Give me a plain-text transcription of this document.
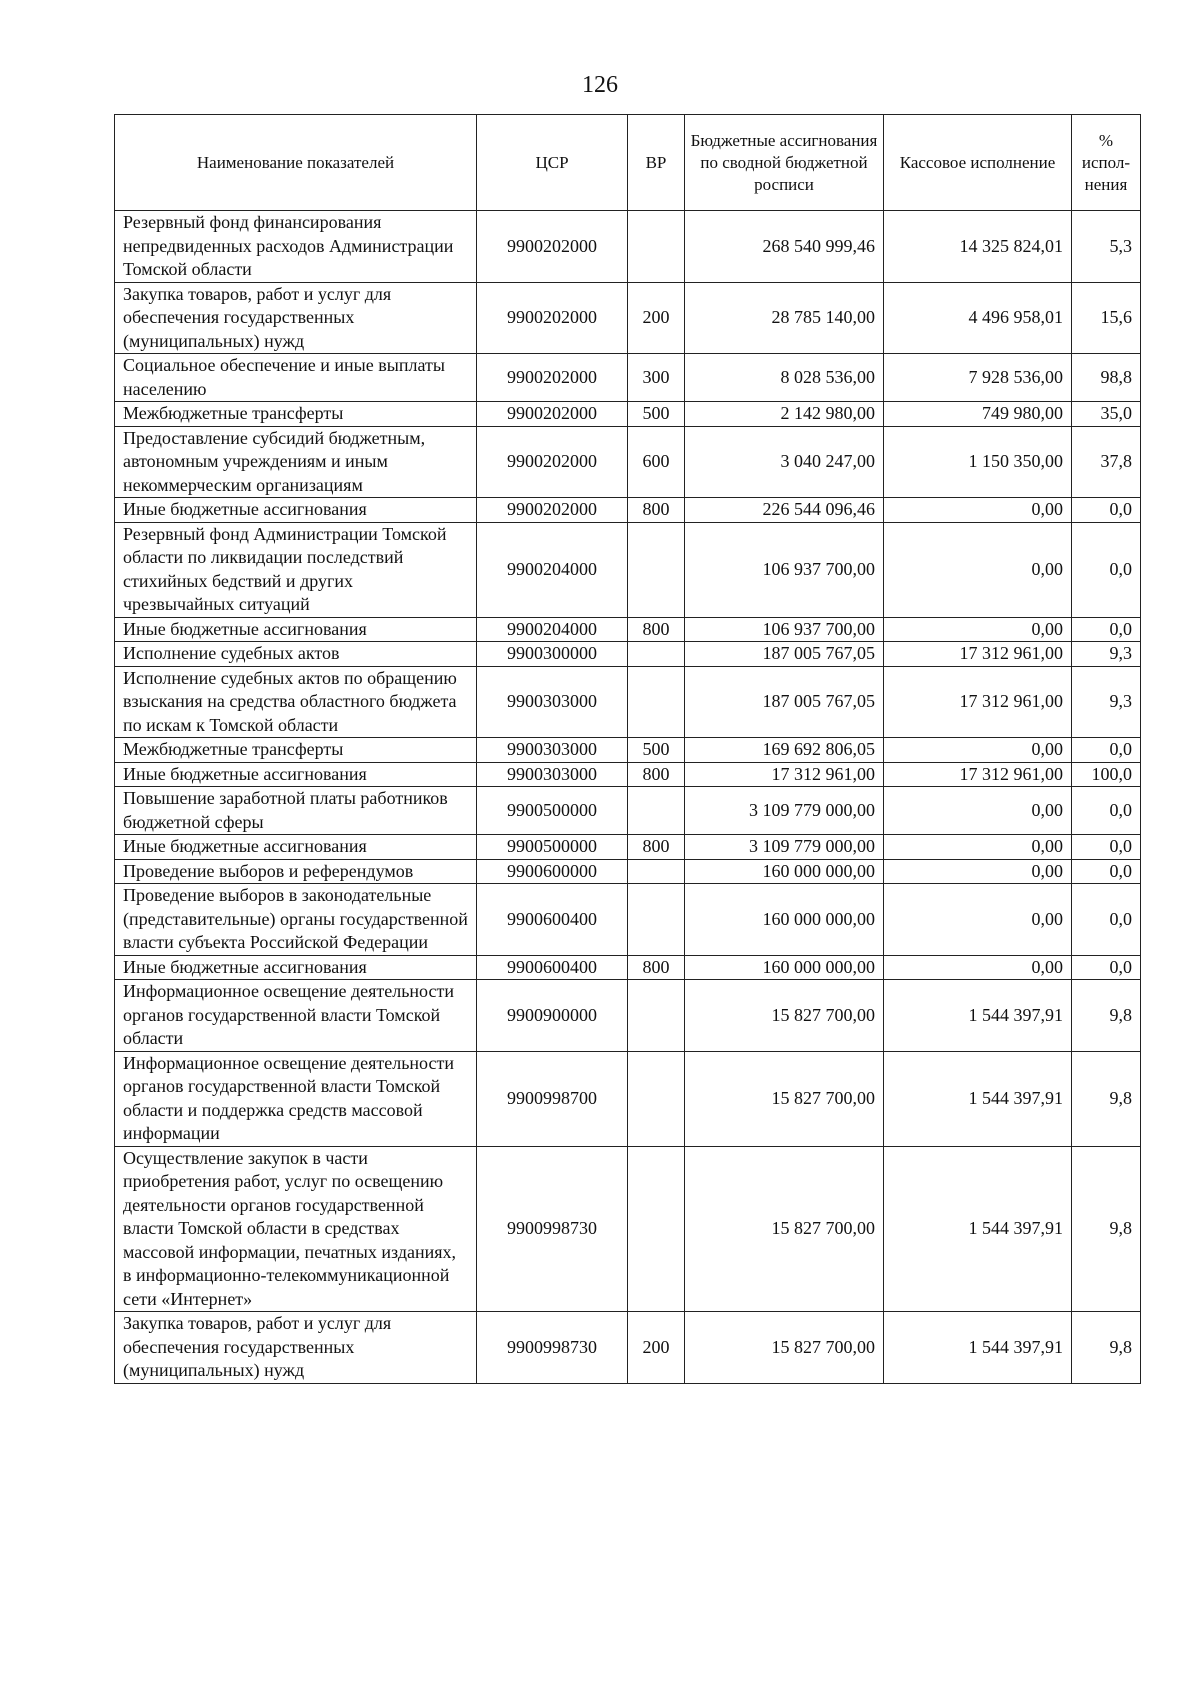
126
Наименование показателей	ЦСР	ВР	Бюджетные ассигнования по сводной бюджетной росписи	Кассовое исполнение	% испол-нения
Резервный фонд финансирования непредвиденных расходов Администрации Томской области	9900202000		268 540 999,46	14 325 824,01	5,3
Закупка товаров, работ и услуг для обеспечения государственных (муниципальных) нужд	9900202000	200	28 785 140,00	4 496 958,01	15,6
Социальное обеспечение и иные выплаты населению	9900202000	300	8 028 536,00	7 928 536,00	98,8
Межбюджетные трансферты	9900202000	500	2 142 980,00	749 980,00	35,0
Предоставление субсидий бюджетным, автономным учреждениям и иным некоммерческим организациям	9900202000	600	3 040 247,00	1 150 350,00	37,8
Иные бюджетные ассигнования	9900202000	800	226 544 096,46	0,00	0,0
Резервный фонд Администрации Томской области по ликвидации последствий стихийных бедствий и других чрезвычайных ситуаций	9900204000		106 937 700,00	0,00	0,0
Иные бюджетные ассигнования	9900204000	800	106 937 700,00	0,00	0,0
Исполнение судебных актов	9900300000		187 005 767,05	17 312 961,00	9,3
Исполнение судебных актов по обращению взыскания на средства областного бюджета по искам к Томской области	9900303000		187 005 767,05	17 312 961,00	9,3
Межбюджетные трансферты	9900303000	500	169 692 806,05	0,00	0,0
Иные бюджетные ассигнования	9900303000	800	17 312 961,00	17 312 961,00	100,0
Повышение заработной платы работников бюджетной сферы	9900500000		3 109 779 000,00	0,00	0,0
Иные бюджетные ассигнования	9900500000	800	3 109 779 000,00	0,00	0,0
Проведение выборов и референдумов	9900600000		160 000 000,00	0,00	0,0
Проведение выборов в законодательные (представительные) органы государственной власти субъекта Российской Федерации	9900600400		160 000 000,00	0,00	0,0
Иные бюджетные ассигнования	9900600400	800	160 000 000,00	0,00	0,0
Информационное освещение деятельности органов государственной власти Томской области	9900900000		15 827 700,00	1 544 397,91	9,8
Информационное освещение деятельности органов государственной власти Томской области и поддержка средств массовой информации	9900998700		15 827 700,00	1 544 397,91	9,8
Осуществление закупок в части приобретения работ, услуг по освещению деятельности органов государственной власти Томской области в средствах массовой информации, печатных изданиях, в информационно-телекоммуникационной сети «Интернет»	9900998730		15 827 700,00	1 544 397,91	9,8
Закупка товаров, работ и услуг для обеспечения государственных (муниципальных) нужд	9900998730	200	15 827 700,00	1 544 397,91	9,8
